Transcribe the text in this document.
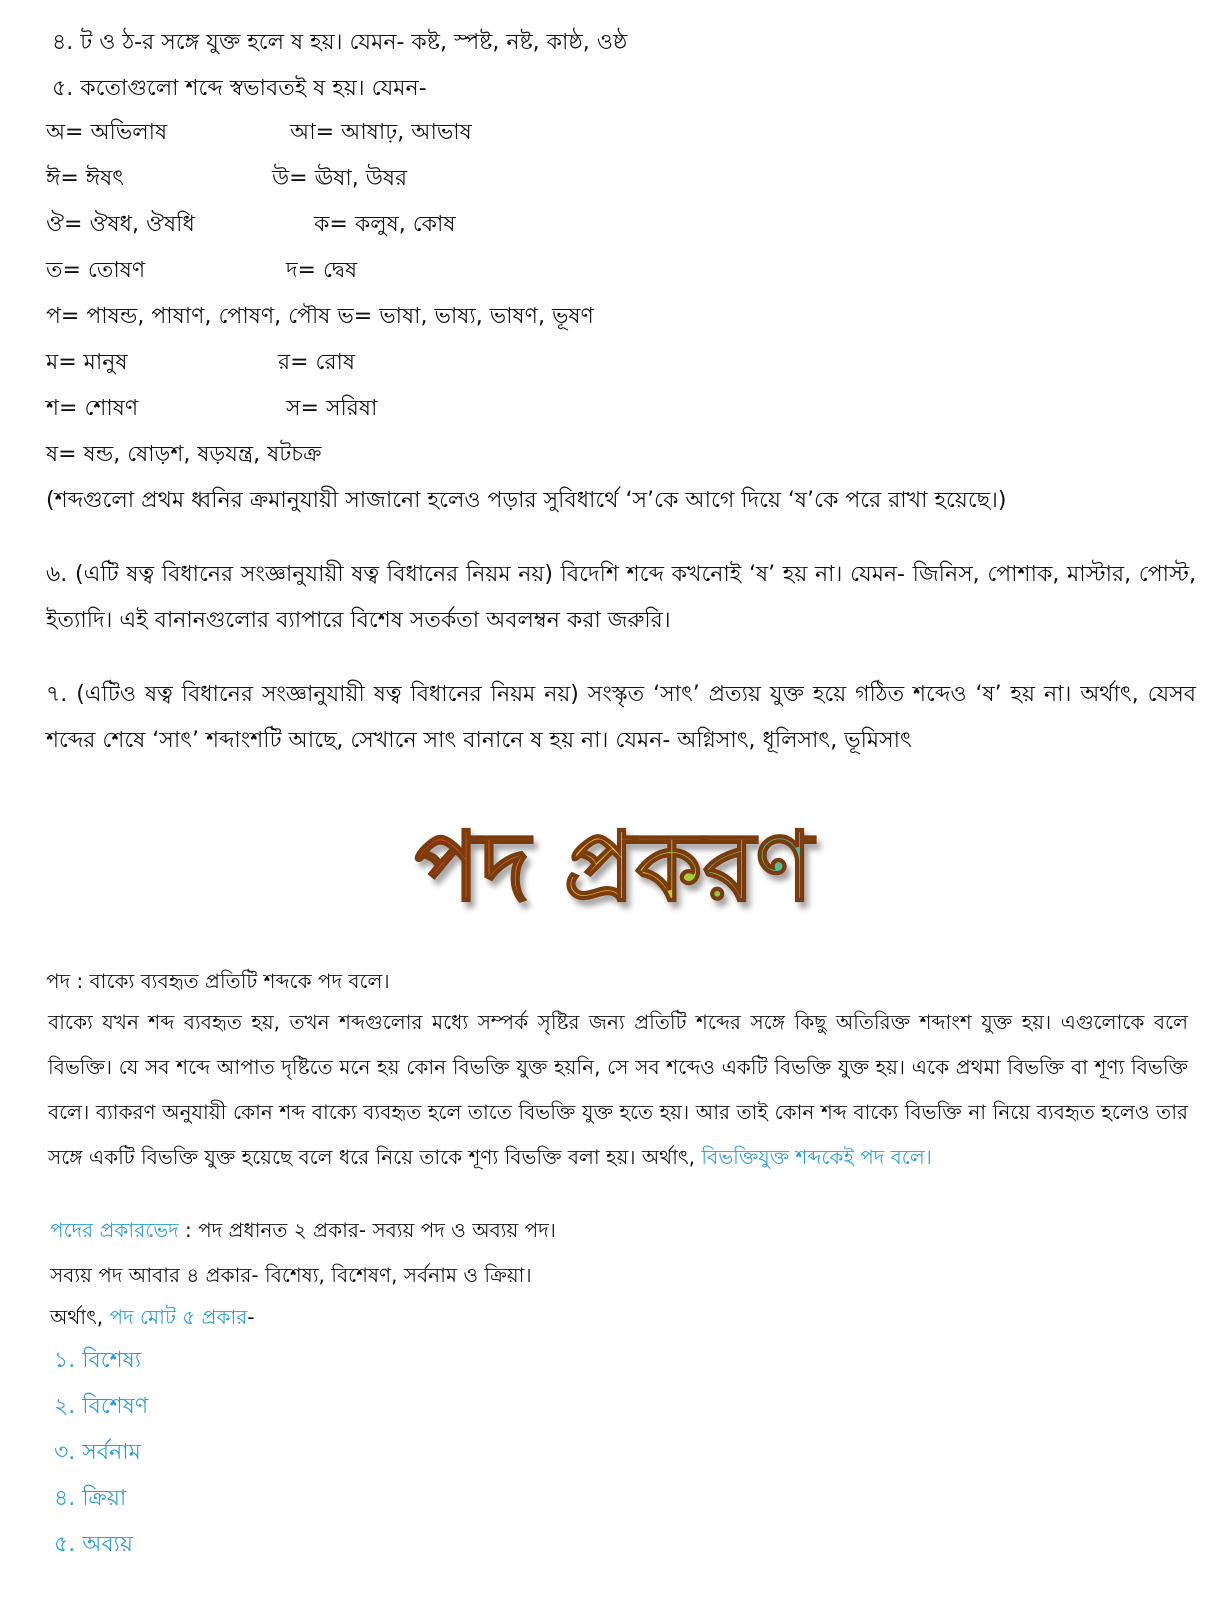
৪. ট ও ঠ-র সঙ্গে যুক্ত হলে ষ হয়। যেমন- কষ্ট, স্পষ্ট, নষ্ট, কাষ্ঠ, ওষ্ঠ
৫. কতোগুলো শব্দে স্বভাবতই ষ হয়। যেমন-
অ= অভিলাষ	আ= আষাঢ়, আভাষ
ঈ= ঈষৎ	উ= ঊষা, উষর
ঔ= ঔষধ, ঔষধি	ক= কলুষ, কোষ
ত= তোষণ	দ= দ্বেষ
প= পাষন্ড, পাষাণ, পোষণ, পৌষ ভ= ভাষা, ভাষ্য, ভাষণ, ভূষণ
ম= মানুষ	র= রোষ
শ= শোষণ	স= সরিষা
ষ= ষন্ড, ষোড়শ, ষড়যন্ত্র, ষটচক্র
(শব্দগুলো প্রথম ধ্বনির ক্রমানুযায়ী সাজানো হলেও পড়ার সুবিধার্থে ‘স’কে আগে দিয়ে ‘ষ’কে পরে রাখা হয়েছে।)
৬. (এটি ষত্ব বিধানের সংজ্ঞানুযায়ী ষত্ব বিধানের নিয়ম নয়) বিদেশি শব্দে কখনোই ‘ষ’ হয় না। যেমন- জিনিস, পোশাক, মাস্টার, পোস্ট, ইত্যাদি। এই বানানগুলোর ব্যাপারে বিশেষ সতর্কতা অবলম্বন করা জরুরি।
৭. (এটিও ষত্ব বিধানের সংজ্ঞানুযায়ী ষত্ব বিধানের নিয়ম নয়) সংস্কৃত ‘সাৎ’ প্রত্যয় যুক্ত হয়ে গঠিত শব্দেও ‘ষ’ হয় না। অর্থাৎ, যেসব শব্দের শেষে ‘সাৎ’ শব্দাংশটি আছে, সেখানে সাৎ বানানে ষ হয় না। যেমন- অগ্নিসাৎ, ধূলিসাৎ, ভূমিসাৎ
পদ প্রকরণ
পদ : বাক্যে ব্যবহৃত প্রতিটি শব্দকে পদ বলে।
বাক্যে যখন শব্দ ব্যবহৃত হয়, তখন শব্দগুলোর মধ্যে সম্পর্ক সৃষ্টির জন্য প্রতিটি শব্দের সঙ্গে কিছু অতিরিক্ত শব্দাংশ যুক্ত হয়। এগুলোকে বলে বিভক্তি। যে সব শব্দে আপাত দৃষ্টিতে মনে হয় কোন বিভক্তি যুক্ত হয়নি, সে সব শব্দেও একটি বিভক্তি যুক্ত হয়। একে প্রথমা বিভক্তি বা শূণ্য বিভক্তি বলে। ব্যাকরণ অনুযায়ী কোন শব্দ বাক্যে ব্যবহৃত হলে তাতে বিভক্তি যুক্ত হতে হয়। আর তাই কোন শব্দ বাক্যে বিভক্তি না নিয়ে ব্যবহৃত হলেও তার সঙ্গে একটি বিভক্তি যুক্ত হয়েছে বলে ধরে নিয়ে তাকে শূণ্য বিভক্তি বলা হয়। অর্থাৎ, বিভক্তিযুক্ত শব্দকেই পদ বলে।
পদের প্রকারভেদ : পদ প্রধানত ২ প্রকার- সব্যয় পদ ও অব্যয় পদ।
সব্যয় পদ আবার ৪ প্রকার- বিশেষ্য, বিশেষণ, সর্বনাম ও ক্রিয়া।
অর্থাৎ, পদ মোট ৫ প্রকার-
১. বিশেষ্য
২. বিশেষণ
৩. সর্বনাম
৪. ক্রিয়া
৫. অব্যয়
